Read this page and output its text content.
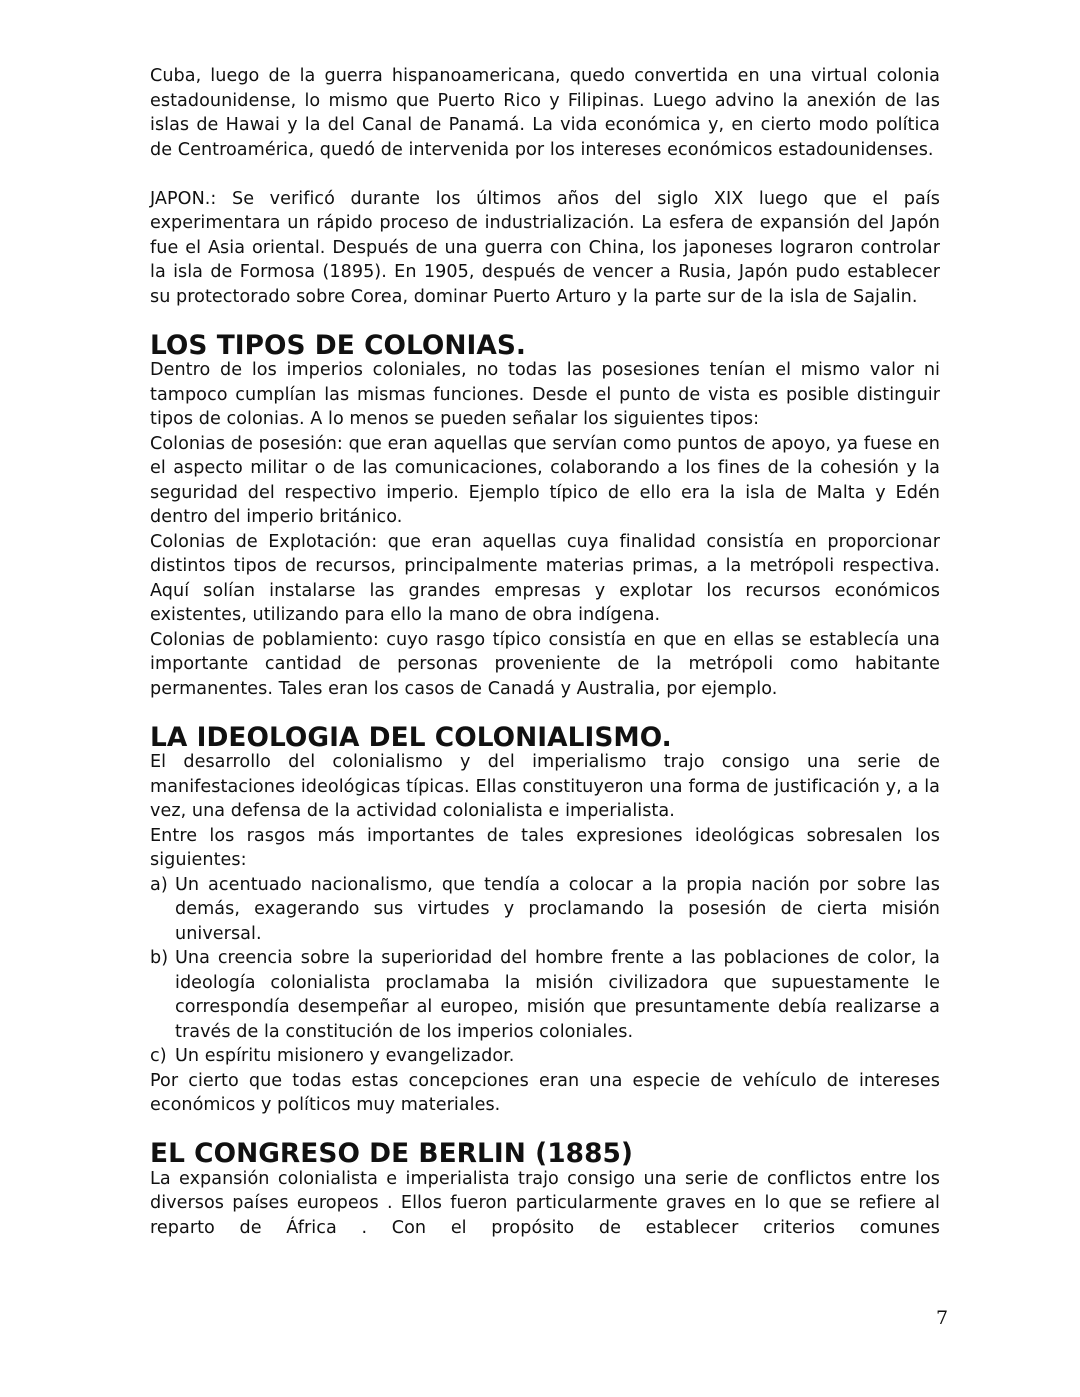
Cuba, luego de la guerra hispanoamericana, quedo convertida en una virtual colonia estadounidense, lo mismo que Puerto Rico y Filipinas. Luego advino la anexión de las islas de Hawai y la del Canal de Panamá. La vida económica y, en cierto modo política de Centroamérica, quedó de intervenida por los intereses económicos estadounidenses.

JAPON.: Se verificó durante los últimos años del siglo XIX luego que el país experimentara un rápido proceso de industrialización. La esfera de expansión del Japón fue el Asia oriental. Después de una guerra con China, los japoneses lograron controlar la isla de Formosa (1895). En 1905, después de vencer a Rusia, Japón pudo establecer su protectorado sobre Corea, dominar Puerto Arturo y la parte sur de la isla de Sajalin.

LOS TIPOS DE COLONIAS.

Dentro de los imperios coloniales, no todas las posesiones tenían el mismo valor ni tampoco cumplían las mismas funciones. Desde el punto de vista es posible distinguir tipos de colonias. A lo menos se pueden señalar los siguientes tipos:

Colonias de posesión: que eran aquellas que servían como puntos de apoyo, ya fuese en el aspecto militar o de las comunicaciones, colaborando a los fines de la cohesión y la seguridad del respectivo imperio. Ejemplo típico de ello era la isla de Malta y Edén dentro del imperio británico.

Colonias de Explotación: que eran aquellas cuya finalidad consistía en proporcionar distintos tipos de recursos, principalmente materias primas, a la metrópoli respectiva. Aquí solían instalarse las grandes empresas y explotar los recursos económicos existentes, utilizando para ello la mano de obra indígena.

Colonias de poblamiento: cuyo rasgo típico consistía en que en ellas se establecía una importante cantidad de personas proveniente de la metrópoli como habitante permanentes. Tales eran los casos de Canadá y Australia, por ejemplo.

LA IDEOLOGIA DEL COLONIALISMO.

El desarrollo del colonialismo y del imperialismo trajo consigo una serie de manifestaciones ideológicas típicas. Ellas constituyeron una forma de justificación y, a la vez, una defensa de la actividad colonialista e imperialista.

Entre los rasgos más importantes de tales expresiones ideológicas sobresalen los siguientes:

a) Un acentuado nacionalismo, que tendía a colocar a la propia nación por sobre las demás, exagerando sus virtudes y proclamando la posesión de cierta misión universal.
b) Una creencia sobre la superioridad del hombre frente a las poblaciones de color, la ideología colonialista proclamaba la misión civilizadora que supuestamente le correspondía desempeñar al europeo, misión que presuntamente debía realizarse a través de la constitución de los imperios coloniales.
c) Un espíritu misionero y evangelizador.

Por cierto que todas estas concepciones eran una especie de vehículo de intereses económicos y políticos muy materiales.

EL CONGRESO DE BERLIN (1885)

La expansión colonialista e imperialista trajo consigo una serie de conflictos entre los diversos países europeos . Ellos fueron particularmente graves en lo que se refiere al reparto de África . Con el propósito de establecer criterios comunes

7
